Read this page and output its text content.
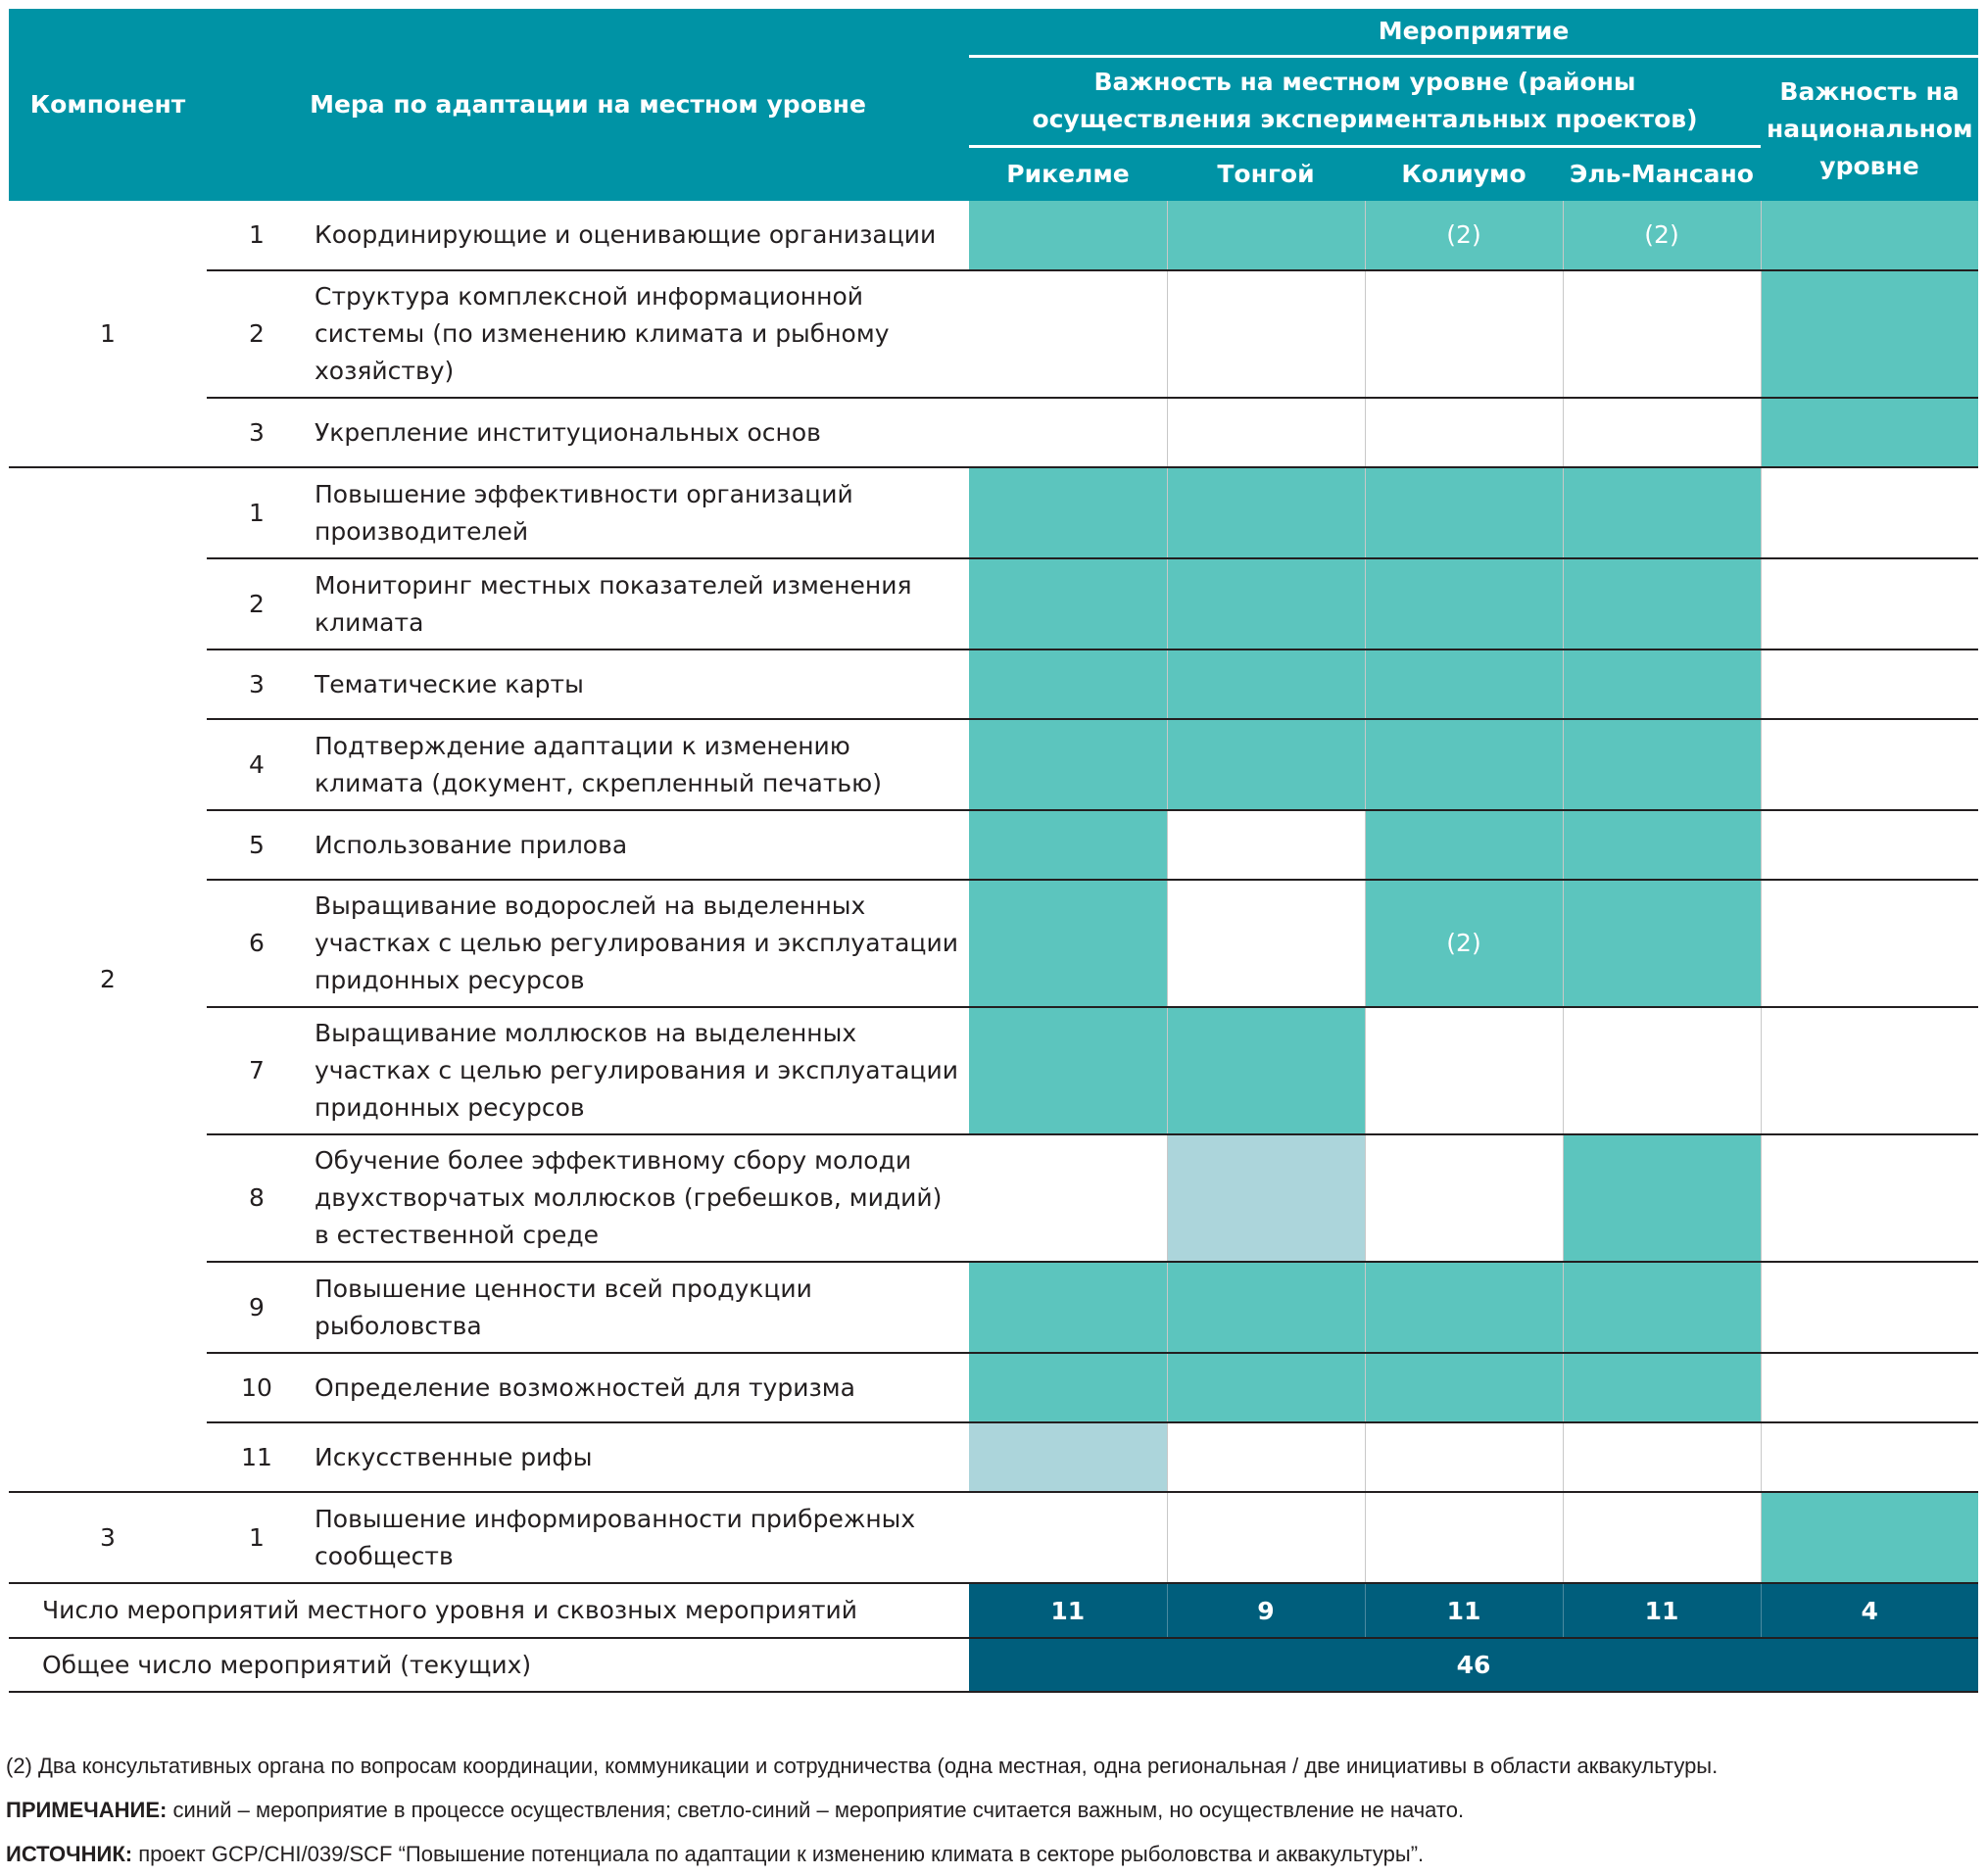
Компонент	Мера по адаптации на местном уровне		Мероприятие				
			Важность на местном уровне (районы осуществления экспериментальных проектов)				Важность на национальном уровне
			Рикелме	Тонгой	Колиумо	Эль-Мансано	
1	1	Координирующие и оценивающие организации			(2)	(2)	
	2	Структура комплексной информационной системы (по изменению климата и рыбному хозяйству)					
	3	Укрепление институциональных основ					
2	1	Повышение эффективности организаций производителей					
	2	Мониторинг местных показателей изменения климата					
	3	Тематические карты					
	4	Подтверждение адаптации к изменению климата (документ, скрепленный печатью)					
	5	Использование прилова					
	6	Выращивание водорослей на выделенных участках с целью регулирования и эксплуатации придонных ресурсов			(2)		
	7	Выращивание моллюсков на выделенных участках с целью регулирования и эксплуатации придонных ресурсов					
	8	Обучение более эффективному сбору молоди двухстворчатых моллюсков (гребешков, мидий) в естественной среде					
	9	Повышение ценности всей продукции рыболовства					
	10	Определение возможностей для туризма					
	11	Искусственные рифы					
3	1	Повышение информированности прибрежных сообществ					
Число мероприятий местного уровня и сквозных мероприятий			11	9	11	11	4
Общее число мероприятий (текущих)			46				
(2) Два консультативных органа по вопросам координации, коммуникации и сотрудничества (одна местная, одна региональная / две инициативы в области аквакультуры.
ПРИМЕЧАНИЕ: синий – мероприятие в процессе осуществления; светло-синий – мероприятие считается важным, но осуществление не начато.
ИСТОЧНИК: проект GCP/CHI/039/SCF “Повышение потенциала по адаптации к изменению климата в секторе рыболовства и аквакультуры”.
